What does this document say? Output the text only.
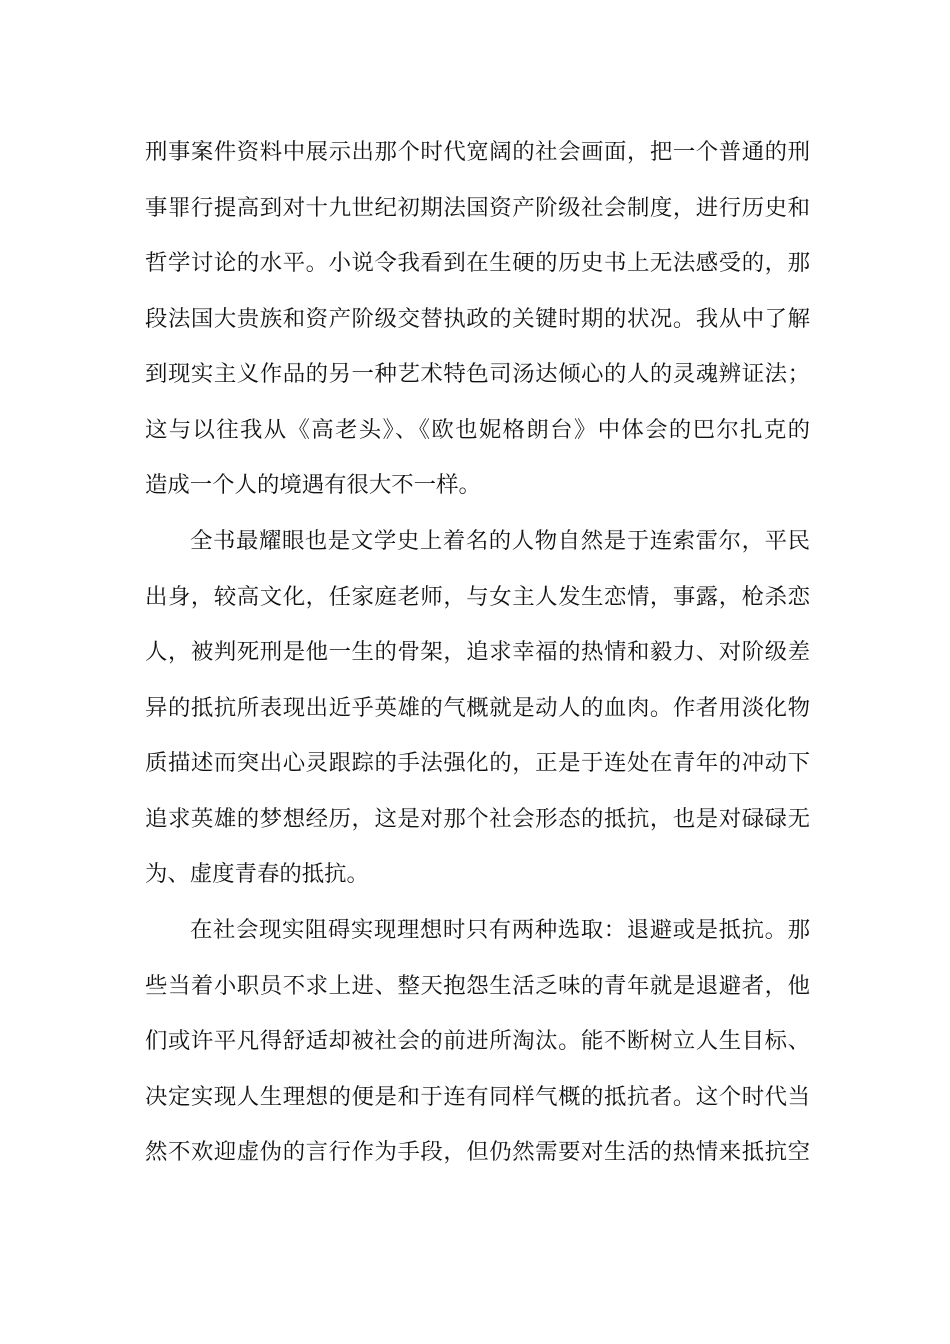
刑事案件资料中展示出那个时代宽阔的社会画面，把一个普通的刑
事罪行提高到对十九世纪初期法国资产阶级社会制度，进行历史和
哲学讨论的水平。小说令我看到在生硬的历史书上无法感受的，那
段法国大贵族和资产阶级交替执政的关键时期的状况。我从中了解
到现实主义作品的另一种艺术特色司汤达倾心的人的灵魂辨证法；
这与以往我从《高老头》、《欧也妮格朗台》中体会的巴尔扎克的
造成一个人的境遇有很大不一样。
全书最耀眼也是文学史上着名的人物自然是于连索雷尔，平民
出身，较高文化，任家庭老师，与女主人发生恋情，事露，枪杀恋
人，被判死刑是他一生的骨架，追求幸福的热情和毅力、对阶级差
异的抵抗所表现出近乎英雄的气概就是动人的血肉。作者用淡化物
质描述而突出心灵跟踪的手法强化的，正是于连处在青年的冲动下
追求英雄的梦想经历，这是对那个社会形态的抵抗，也是对碌碌无
为、虚度青春的抵抗。
在社会现实阻碍实现理想时只有两种选取：退避或是抵抗。那
些当着小职员不求上进、整天抱怨生活乏味的青年就是退避者，他
们或许平凡得舒适却被社会的前进所淘汰。能不断树立人生目标、
决定实现人生理想的便是和于连有同样气概的抵抗者。这个时代当
然不欢迎虚伪的言行作为手段，但仍然需要对生活的热情来抵抗空
